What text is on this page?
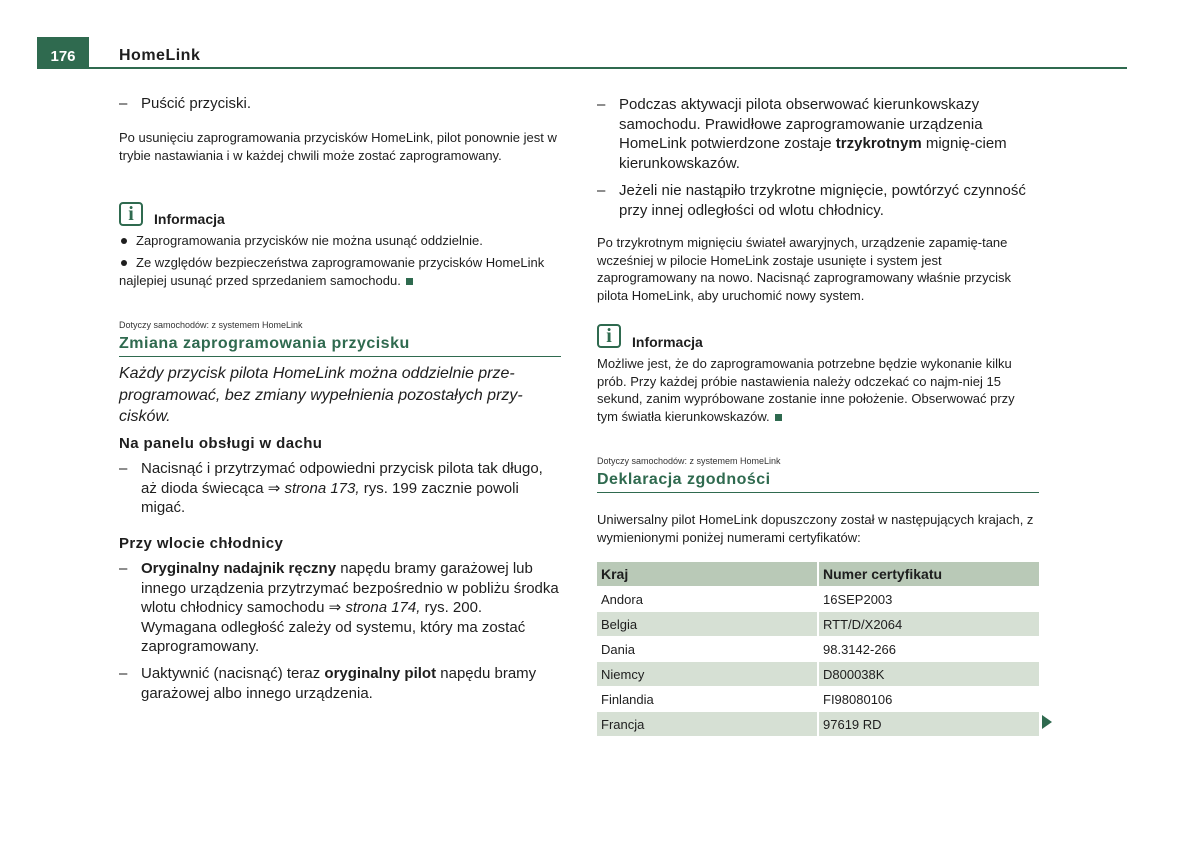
176	HomeLink
– Puścić przyciski.
Po usunięciu zaprogramowania przycisków HomeLink, pilot ponownie jest w trybie nastawiania i w każdej chwili może zostać zaprogramowany.
i	Informacja
Zaprogramowania przycisków nie można usunąć oddzielnie.
Ze względów bezpieczeństwa zaprogramowanie przycisków HomeLink najlepiej usunąć przed sprzedaniem samochodu.
Dotyczy samochodów: z systemem HomeLink
Zmiana zaprogramowania przycisku
Każdy przycisk pilota HomeLink można oddzielnie prze-programować, bez zmiany wypełnienia pozostałych przy-cisków.
Na panelu obsługi w dachu
– Nacisnąć i przytrzymać odpowiedni przycisk pilota tak długo, aż dioda świecąca ⇒ strona 173, rys. 199 zacznie powoli migać.
Przy wlocie chłodnicy
– Oryginalny nadajnik ręczny napędu bramy garażowej lub innego urządzenia przytrzymać bezpośrednio w pobliżu środka wlotu chłodnicy samochodu ⇒ strona 174, rys. 200. Wymagana odległość zależy od systemu, który ma zostać zaprogramowany.
– Uaktywnić (nacisnąć) teraz oryginalny pilot napędu bramy garażowej albo innego urządzenia.
– Podczas aktywacji pilota obserwować kierunkowskazy samochodu. Prawidłowe zaprogramowanie urządzenia HomeLink potwierdzone zostaje trzykrotnym mignię-ciem kierunkowskazów.
– Jeżeli nie nastąpiło trzykrotne mignięcie, powtórzyć czynność przy innej odległości od wlotu chłodnicy.
Po trzykrotnym mignięciu świateł awaryjnych, urządzenie zapamię-tane wcześniej w pilocie HomeLink zostaje usunięte i system jest zaprogramowany na nowo. Nacisnąć zaprogramowany właśnie przycisk pilota HomeLink, aby uruchomić nowy system.
i	Informacja
Możliwe jest, że do zaprogramowania potrzebne będzie wykonanie kilku prób. Przy każdej próbie nastawienia należy odczekać co najm-niej 15 sekund, zanim wypróbowane zostanie inne położenie. Obserwować przy tym światła kierunkowskazów.
Dotyczy samochodów: z systemem HomeLink
Deklaracja zgodności
Uniwersalny pilot HomeLink dopuszczony został w następujących krajach, z wymienionymi poniżej numerami certyfikatów:
Kraj	Numer certyfikatu
Andora	16SEP2003
Belgia	RTT/D/X2064
Dania	98.3142-266
Niemcy	D800038K
Finlandia	FI98080106
Francja	97619 RD
